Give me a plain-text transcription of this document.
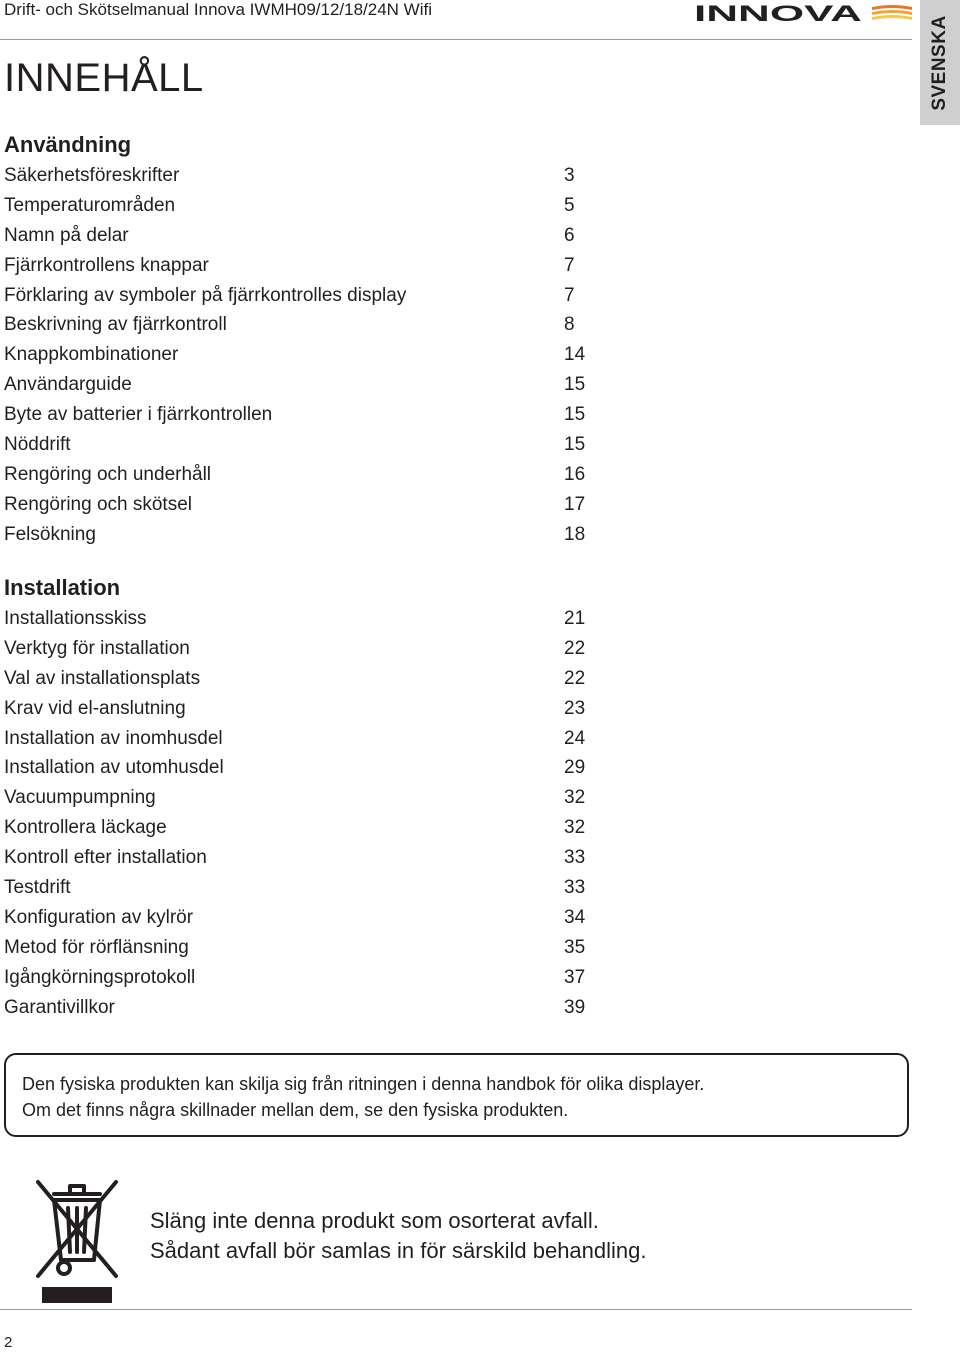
Drift- och Skötselmanual Innova IWMH09/12/18/24N Wifi	INNOVA
SVENSKA
INNEHÅLL
Användning
Säkerhetsföreskrifter	3
Temperaturområden	5
Namn på delar	6
Fjärrkontrollens knappar	7
Förklaring av symboler på fjärrkontrolles display	7
Beskrivning av fjärrkontroll	8
Knappkombinationer	14
Användarguide	15
Byte av batterier i fjärrkontrollen	15
Nöddrift	15
Rengöring och underhåll	16
Rengöring och skötsel	17
Felsökning	18
Installation
Installationsskiss	21
Verktyg för installation	22
Val av installationsplats	22
Krav vid el-anslutning	23
Installation av inomhusdel	24
Installation av utomhusdel	29
Vacuumpumpning	32
Kontrollera läckage	32
Kontroll efter installation	33
Testdrift	33
Konfiguration av kylrör	34
Metod för rörflänsning	35
Igångkörningsprotokoll	37
Garantivillkor	39
Den fysiska produkten kan skilja sig från ritningen i denna handbok för olika displayer.
Om det finns några skillnader mellan dem, se den fysiska produkten.
Släng inte denna produkt som osorterat avfall.
Sådant avfall bör samlas in för särskild behandling.
2
